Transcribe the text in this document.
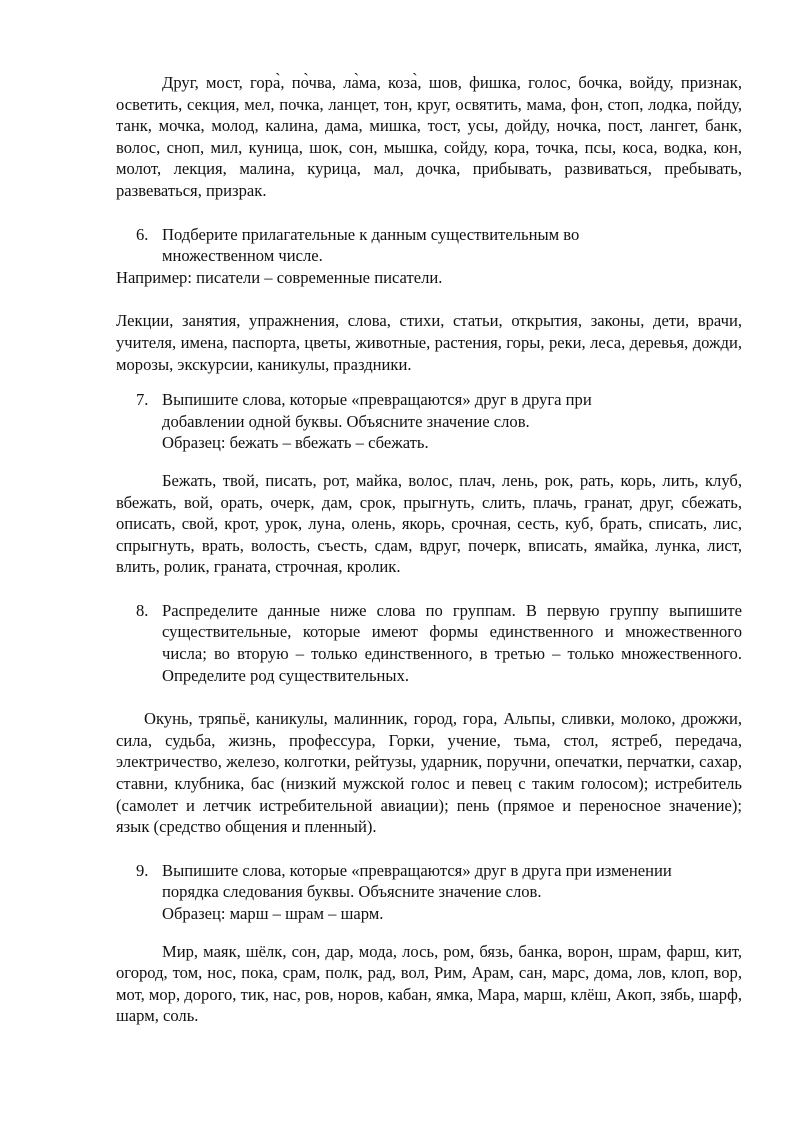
Друг, мост, гора̀, по̀чва, ла̀ма, коза̀, шов, фишка, голос, бочка, войду, признак, осветить, секция, мел, почка, ланцет, тон, круг, освятить, мама, фон, стоп, лодка, пойду, танк, мочка, молод, калина, дама, мишка, тост, усы, дойду, ночка, пост, лангет, банк, волос, сноп, мил, куница, шок, сон, мышка, сойду, кора, точка, псы, коса, водка, кон, молот, лекция, малина, курица, мал, дочка, прибывать, развиваться, пребывать, развеваться, призрак.

6. Подберите прилагательные к данным существительным во множественном числе.

Например: писатели – современные писатели.

Лекции, занятия, упражнения, слова, стихи, статьи, открытия, законы, дети, врачи, учителя, имена, паспорта, цветы, животные, растения, горы, реки, леса, деревья, дожди, морозы, экскурсии, каникулы, праздники.

7. Выпишите слова, которые «превращаются» друг в друга при добавлении одной буквы. Объясните значение слов.

Образец: бежать – вбежать – сбежать.

Бежать, твой, писать, рот, майка, волос, плач, лень, рок, рать, корь, лить, клуб, вбежать, вой, орать, очерк, дам, срок, прыгнуть, слить, плачь, гранат, друг, сбежать, описать, свой, крот, урок, луна, олень, якорь, срочная, сесть, куб, брать, списать, лис, спрыгнуть, врать, волость, съесть, сдам, вдруг, почерк, вписать, ямайка, лунка, лист, влить, ролик, граната, строчная, кролик.

8. Распределите данные ниже слова по группам. В первую группу выпишите существительные, которые имеют формы единственного и множественного числа; во вторую – только единственного, в третью – только множественного. Определите род существительных.

Окунь, тряпьё, каникулы, малинник, город, гора, Альпы, сливки, молоко, дрожжи, сила, судьба, жизнь, профессура, Горки, учение, тьма, стол, ястреб, передача, электричество, железо, колготки, рейтузы, ударник, поручни, опечатки, перчатки, сахар, ставни, клубника, бас (низкий мужской голос и певец с таким голосом); истребитель (самолет и летчик истребительной авиации); пень (прямое и переносное значение); язык (средство общения и пленный).

9. Выпишите слова, которые «превращаются» друг в друга при изменении порядка следования буквы. Объясните значение слов.

Образец: марш – шрам – шарм.

Мир, маяк, шёлк, сон, дар, мода, лось, ром, бязь, банка, ворон, шрам, фарш, кит, огород, том, нос, пока, срам, полк, рад, вол, Рим, Арам, сан, марс, дома, лов, клоп, вор, мот, мор, дорого, тик, нас, ров, норов, кабан, ямка, Мара, марш, клёш, Акоп, зябь, шарф, шарм, соль.
